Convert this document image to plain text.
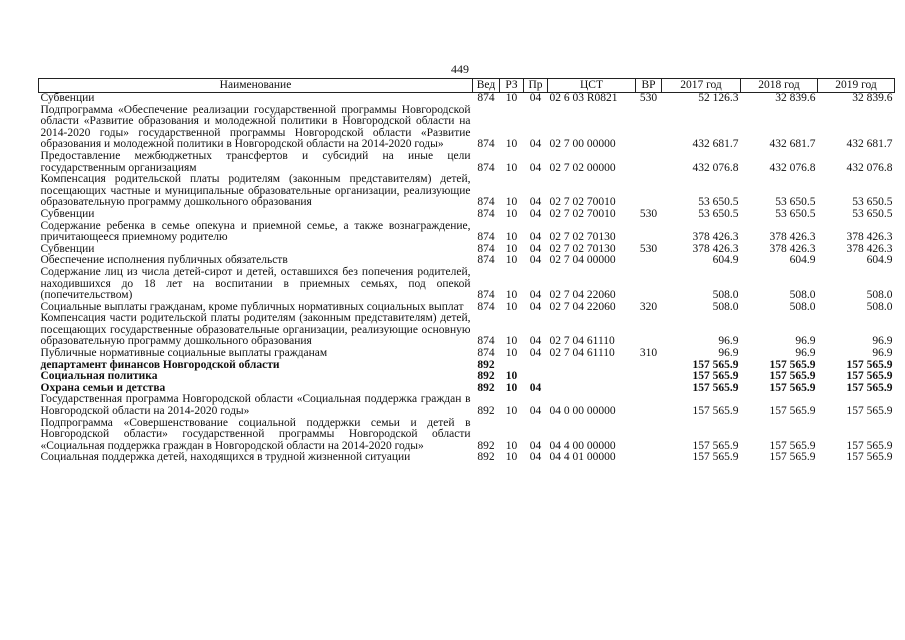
449
Наименование	Вед	РЗ	Пр	ЦСТ	ВР	2017 год	2018 год	2019 год
Субвенции	874	10	04	02 6 03 R0821	530	52 126.3	32 839.6	32 839.6
Подпрограмма «Обеспечение реализации государственной программы Новгородской области «Развитие образования и молодежной политики в Новгородской области на 2014-2020 годы» государственной программы Новгородской области «Развитие образования и молодежной политики в Новгородской области на 2014-2020 годы»	874	10	04	02 7 00 00000		432 681.7	432 681.7	432 681.7
Предоставление межбюджетных трансфертов и субсидий на иные цели государственным организациям	874	10	04	02 7 02 00000		432 076.8	432 076.8	432 076.8
Компенсация родительской платы родителям (законным представителям) детей, посещающих частные и муниципальные образовательные организации, реализующие образовательную программу дошкольного образования	874	10	04	02 7 02 70010		53 650.5	53 650.5	53 650.5
Субвенции	874	10	04	02 7 02 70010	530	53 650.5	53 650.5	53 650.5
Содержание ребенка в семье опекуна и приемной семье, а также вознаграждение, причитающееся приемному родителю	874	10	04	02 7 02 70130		378 426.3	378 426.3	378 426.3
Субвенции	874	10	04	02 7 02 70130	530	378 426.3	378 426.3	378 426.3
Обеспечение исполнения публичных обязательств	874	10	04	02 7 04 00000		604.9	604.9	604.9
Содержание лиц из числа детей-сирот и детей, оставшихся без попечения родителей, находившихся до 18 лет на воспитании в приемных семьях, под опекой (попечительством)	874	10	04	02 7 04 22060		508.0	508.0	508.0
Социальные выплаты гражданам, кроме публичных нормативных социальных выплат	874	10	04	02 7 04 22060	320	508.0	508.0	508.0
Компенсация части родительской платы родителям (законным представителям) детей, посещающих государственные образовательные организации, реализующие основную образовательную программу дошкольного образования	874	10	04	02 7 04 61110		96.9	96.9	96.9
Публичные нормативные социальные выплаты гражданам	874	10	04	02 7 04 61110	310	96.9	96.9	96.9
департамент финансов Новгородской области	892					157 565.9	157 565.9	157 565.9
Социальная политика	892	10				157 565.9	157 565.9	157 565.9
Охрана семьи и детства	892	10	04			157 565.9	157 565.9	157 565.9
Государственная программа Новгородской области «Социальная поддержка граждан в Новгородской области на 2014-2020 годы»	892	10	04	04 0 00 00000		157 565.9	157 565.9	157 565.9
Подпрограмма «Совершенствование социальной поддержки семьи и детей в Новгородской области» государственной программы Новгородской области «Социальная поддержка граждан в Новгородской области на 2014-2020 годы»	892	10	04	04 4 00 00000		157 565.9	157 565.9	157 565.9
Социальная поддержка детей, находящихся в трудной жизненной ситуации	892	10	04	04 4 01 00000		157 565.9	157 565.9	157 565.9
